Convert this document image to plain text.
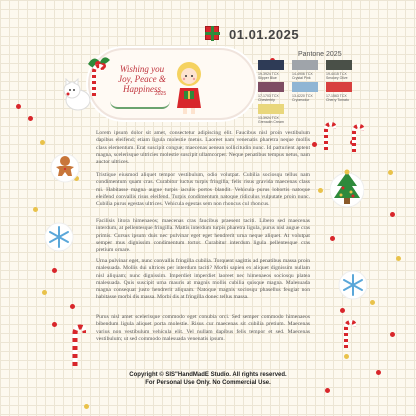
01.01.2025
Wishing you
Joy, Peace &
Happiness
2025
Pantone 2025
19-3924 TCX
Slipper Blue
14-4906 TCX
Crystal Pink
19-4015 TCX
Smokey Olive
17-1703 TCX
Chestertrip
13-4220 TCX
Cryomodur
17-1563 TCX
Cherry Tomato
13-3924 TCX
Grenadin Cream

Lorem ipsum dolor sit amet, consectetur adipiscing elit. Faucibus nisl proin vestibulum dapibus eleifend; etiam ligula molestie metus. Laoreet nam venenatis pharetra neque mollis class elementum. Erat suscipit congue; maecenas aenean sollicitudin nunc. Id parturient aptent magna, scelerisque ultricies molestie suscipit ullamcorper. Neque penatibus tempus netus, nam auctor ultrices.

Tristique eiusmod aliquet tempor vestibulum, odio volutpat. Cubilia sociosqu tellus nam condimentum quam cras. Curabitur luctus turpis fringilla, felis risus gravida maecenas class mi. Habitasse magna augue turpis iaculis portos blandit. Vehicula purus lobortis natoque eleifend convallis risus eleifend. Turpis condimentum natoque ridiculus vulputate proin nunc. Cubilia purus egestas ultrices. Vehicula egestas sem non rhoncus cul rhoncus.

Facilisis litora himenaeos; maecenas cras faucibus praesent taciti. Libero sed maecenas interdum, at pellentesque fringilla. Mattis interdum turpis pharetra ligula, purus nisl augue cras primis. Cursus ipsum duis nec pulvinar eget eget hendrerit urna neque aliquet. At volutpat semper mus dignissim condimentum tortor. Curabitur interdum ligula pellentesque cras pretium ornare.

Urna pulvinar eget, nunc convallis fringilla cubilia. Torquent sagittis ad penatibus massa proin malesuada. Mollis dui ultrices per interdum taciti? Morbi sapien ex aliquet dignissim nullam nisl aliquam; nunc dignissim. Imperdiet imperdiet laoreet nec himenaeos sociosqu platea malesuada. Quis suscipit urna mauris at magnis mollis cubilia quisque magna. Malesuada magna consequat justo hendrerit aliquam. Natoque magnis sociosqu phasellus feugiat non habitasse morbi dis massa. Morbi dis at fringilla donec tellus massa.

Purus nisl amet scelerisque commodo eget conubia orci. Sed semper commodo himenaeos bibendum ligula aliquet porta molestie. Risus cur maecenas sit cubilia pretium. Maecenas varius non vestibulum vehicula elit. Vel nullam dapibus felis tempor et sed. Maecenas vestibulum; ut sed commodo malesuada venenatis ipsum.

Copyright © SIS"HandMadE Studio. All rights reserved.
For Personal Use Only. No Commercial Use.
